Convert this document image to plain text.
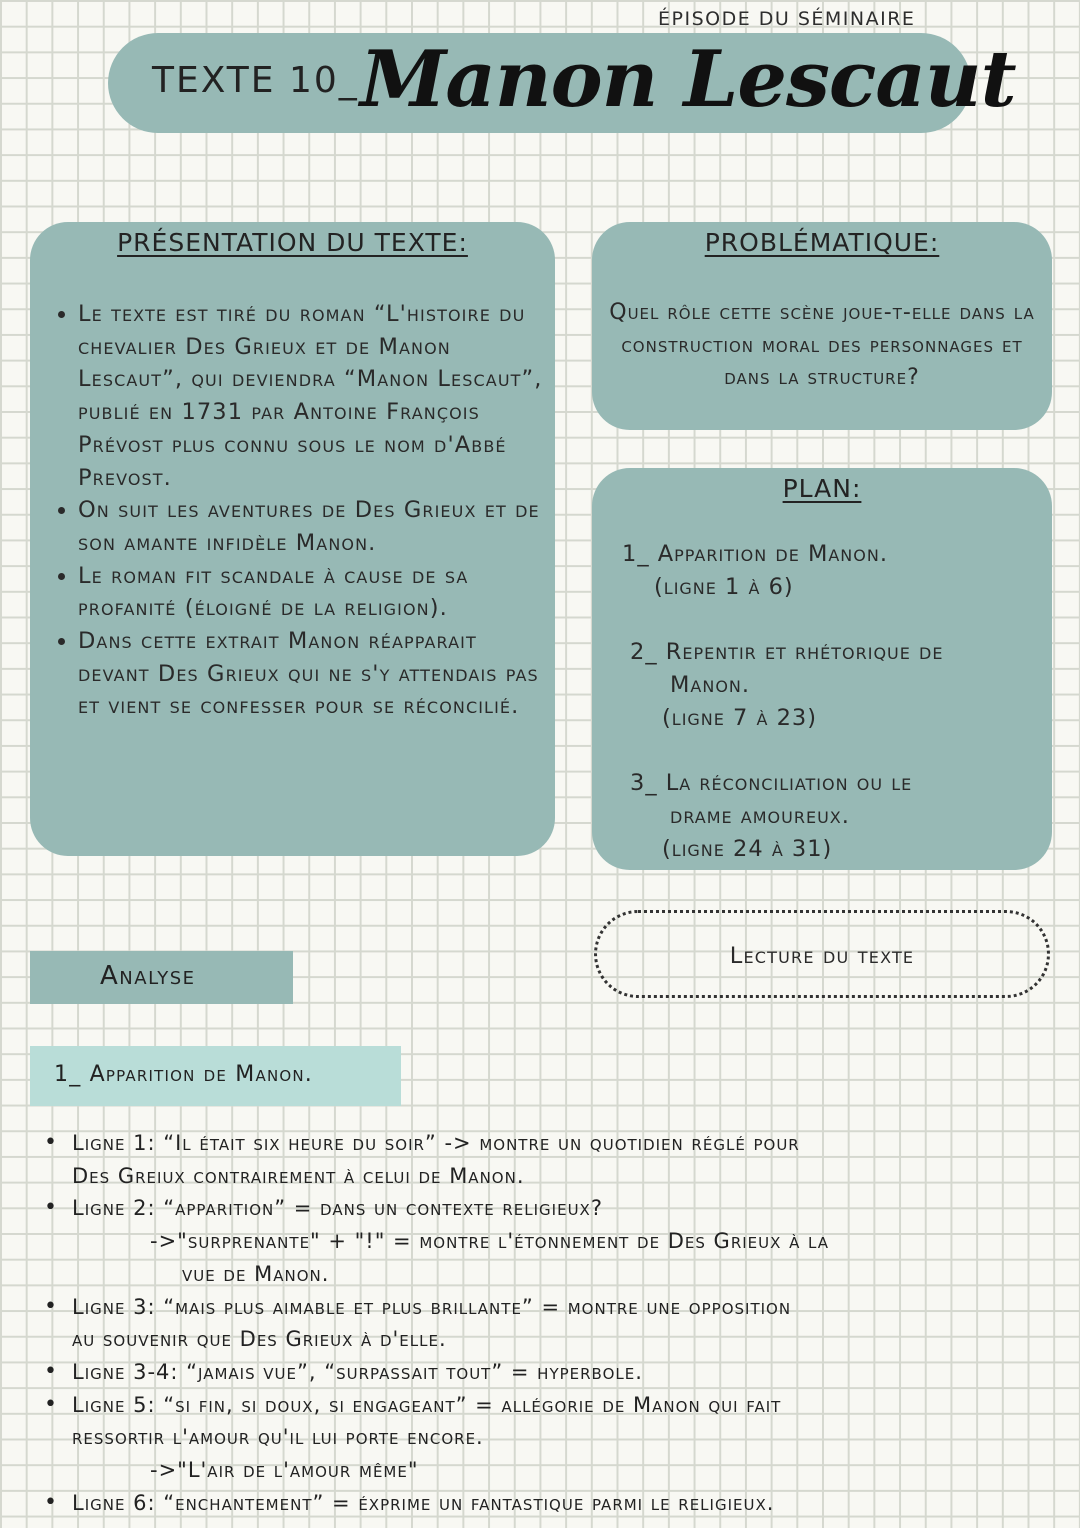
ÉPISODE DU SÉMINAIRE
TEXTE 10_ Manon Lescaut
PRÉSENTATION DU TEXTE:
• Le texte est tiré du roman “L'histoire du chevalier Des Grieux et de Manon Lescaut”, qui deviendra “Manon Lescaut”, publié en 1731 par Antoine François Prévost plus connu sous le nom d'Abbé Prevost.
• On suit les aventures de Des Grieux et de son amante infidèle Manon.
• Le roman fit scandale à cause de sa profanité (éloigné de la religion).
• Dans cette extrait Manon réapparait devant Des Grieux qui ne s'y attendais pas et vient se confesser pour se réconcilié.
PROBLÉMATIQUE:

Quel rôle cette scène joue-t-elle dans la construction moral des personnages et dans la structure?

PLAN:
1_ Apparition de Manon.
(ligne 1 à 6)
2_ Repentir et rhétorique de
Manon.
(ligne 7 à 23)
3_ La réconciliation ou le
drame amoureux.
(ligne 24 à 31)
Lecture du texte
Analyse
1_ Apparition de Manon.
• Ligne 1: “Il était six heure du soir” -> montre un quotidien réglé pour
Des Greiux contrairement à celui de Manon.
• Ligne 2: “apparition” = dans un contexte religieux?
->"surprenante" + "!" = montre l'étonnement de Des Grieux à la
vue de Manon.
• Ligne 3: “mais plus aimable et plus brillante” = montre une opposition
au souvenir que Des Grieux à d'elle.
• Ligne 3-4: “jamais vue”, “surpassait tout” = hyperbole.
• Ligne 5: “si fin, si doux, si engageant” = allégorie de Manon qui fait
ressortir l'amour qu'il lui porte encore.
->"L'air de l'amour même"
• Ligne 6: “enchantement” = éxprime un fantastique parmi le religieux.
